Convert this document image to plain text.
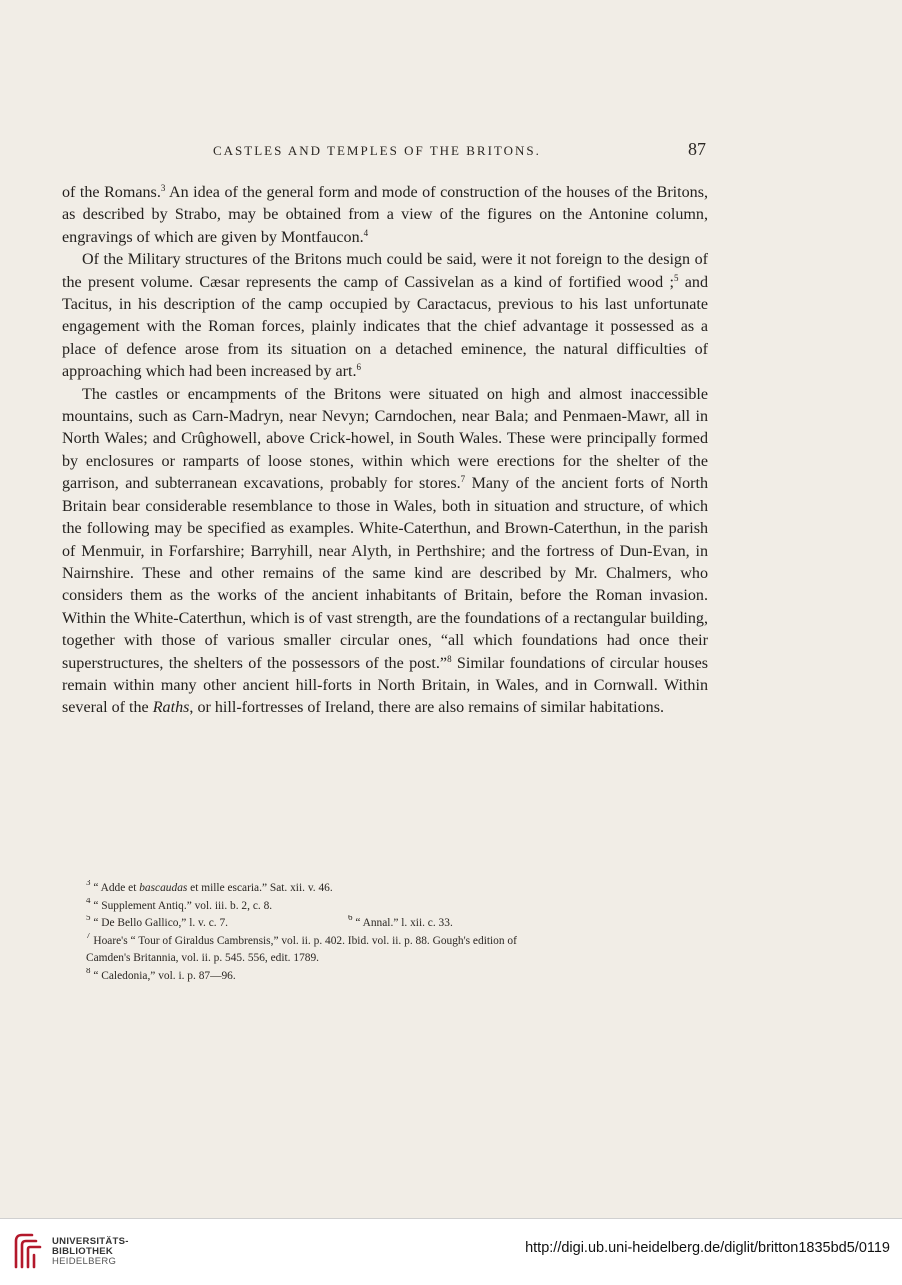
CASTLES AND TEMPLES OF THE BRITONS.	87

of the Romans.$^3$ An idea of the general form and mode of construction of the houses of the Britons, as described by Strabo, may be obtained from a view of the figures on the Antonine column, engravings of which are given by Montfaucon.$^4$

Of the Military structures of the Britons much could be said, were it not foreign to the design of the present volume. Cæsar represents the camp of Cassivelan as a kind of fortified wood ;$^5$ and Tacitus, in his description of the camp occupied by Caractacus, previous to his last unfortunate engagement with the Roman forces, plainly indicates that the chief advantage it possessed as a place of defence arose from its situation on a detached eminence, the natural difficulties of approaching which had been increased by art.$^6$

The castles or encampments of the Britons were situated on high and almost inaccessible mountains, such as Carn-Madryn, near Nevyn; Carndochen, near Bala; and Penmaen-Mawr, all in North Wales; and Crûghowell, above Crick-howel, in South Wales. These were principally formed by enclosures or ramparts of loose stones, within which were erections for the shelter of the garrison, and subterranean excavations, probably for stores.$^7$ Many of the ancient forts of North Britain bear considerable resemblance to those in Wales, both in situation and structure, of which the following may be specified as examples. White-Caterthun, and Brown-Caterthun, in the parish of Menmuir, in Forfarshire; Barryhill, near Alyth, in Perthshire; and the fortress of Dun-Evan, in Nairnshire. These and other remains of the same kind are described by Mr. Chalmers, who considers them as the works of the ancient inhabitants of Britain, before the Roman invasion. Within the White-Caterthun, which is of vast strength, are the foundations of a rectangular building, together with those of various smaller circular ones, “all which foundations had once their superstructures, the shelters of the possessors of the post.”$^8$ Similar foundations of circular houses remain within many other ancient hill-forts in North Britain, in Wales, and in Cornwall. Within several of the Raths, or hill-fortresses of Ireland, there are also remains of similar habitations.

$^3$ “ Adde et bascaudas et mille escaria.” Sat. xii. v. 46.

$^4$ “ Supplement Antiq.” vol. iii. b. 2, c. 8.

$^5$ “ De Bello Gallico,” l. v. c. 7.	$^6$ “ Annal.” l. xii. c. 33.

$^7$ Hoare's “ Tour of Giraldus Cambrensis,” vol. ii. p. 402. Ibid. vol. ii. p. 88. Gough's edition of

Camden's Britannia, vol. ii. p. 545. 556, edit. 1789.

$^8$ “ Caledonia,” vol. i. p. 87—96.

UNIVERSITÄTS-
BIBLIOTHEK
HEIDELBERG
http://digi.ub.uni-heidelberg.de/diglit/britton1835bd5/0119
